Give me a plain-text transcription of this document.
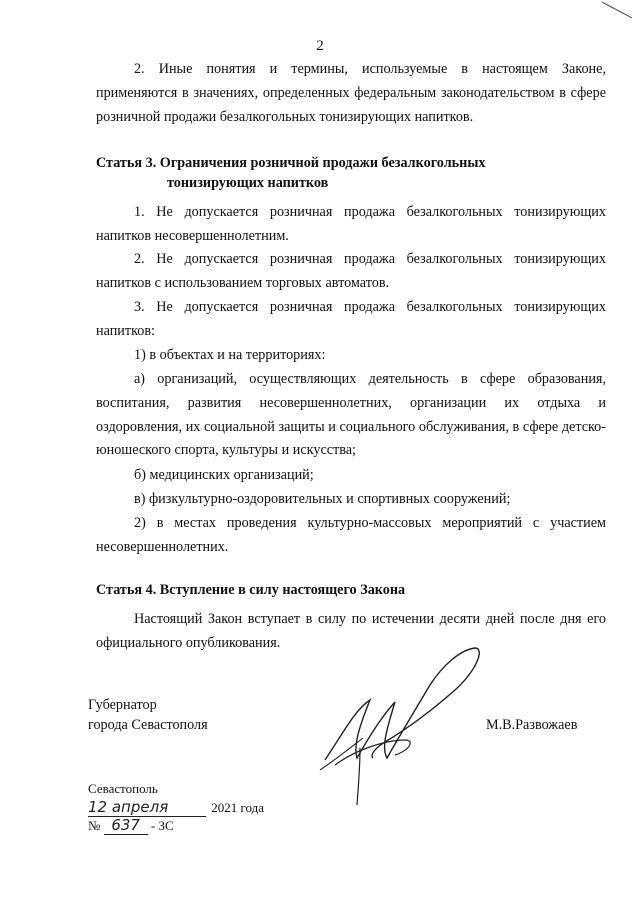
2
2. Иные понятия и термины, используемые в настоящем Законе, применяются в значениях, определенных федеральным законодательством в сфере розничной продажи безалкогольных тонизирующих напитков.
Статья 3. Ограничения розничной продажи безалкогольных
тонизирующих напитков
1. Не допускается розничная продажа безалкогольных тонизирующих напитков несовершеннолетним.
2. Не допускается розничная продажа безалкогольных тонизирующих напитков с использованием торговых автоматов.
3. Не допускается розничная продажа безалкогольных тонизирующих напитков:
1) в объектах и на территориях:
а) организаций, осуществляющих деятельность в сфере образования, воспитания, развития несовершеннолетних, организации их отдыха и оздоровления, их социальной защиты и социального обслуживания, в сфере детско-юношеского спорта, культуры и искусства;
б) медицинских организаций;
в) физкультурно-оздоровительных и спортивных сооружений;
2) в местах проведения культурно-массовых мероприятий с участием несовершеннолетних.
Статья 4. Вступление в силу настоящего Закона
Настоящий Закон вступает в силу по истечении десяти дней после дня его официального опубликования.
Губернатор
города Севастополя	М.В.Развожаев
Севастополь
12 апреля	2021 года
№ 637 - ЗС
